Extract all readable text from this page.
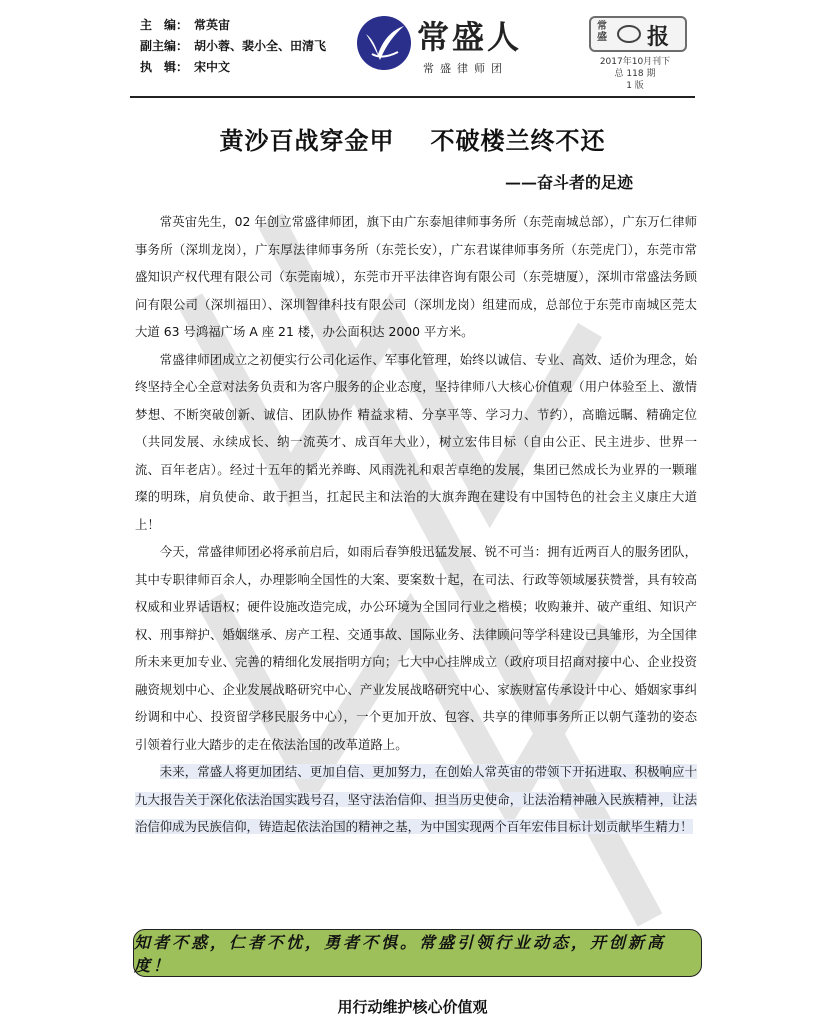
主　编： 常英宙
副主编： 胡小蓉、裴小全、田清飞
执　辑： 宋中文
常盛人
常盛律师团
常盛 报
2017年10月刊下
总 118 期
1 版
黄沙百战穿金甲 不破楼兰终不还
——奋斗者的足迹

常英宙先生，02 年创立常盛律师团，旗下由广东泰旭律师事务所（东莞南城总部），广东万仁律师事务所（深圳龙岗），广东厚法律师事务所（东莞长安），广东君谋律师事务所（东莞虎门），东莞市常盛知识产权代理有限公司（东莞南城），东莞市开平法律咨询有限公司（东莞塘厦），深圳市常盛法务顾问有限公司（深圳福田）、深圳智律科技有限公司（深圳龙岗）组建而成，总部位于东莞市南城区莞太大道 63 号鸿福广场 A 座 21 楼，办公面积达 2000 平方米。

常盛律师团成立之初便实行公司化运作、军事化管理，始终以诚信、专业、高效、适价为理念，始终坚持全心全意对法务负责和为客户服务的企业态度，坚持律师八大核心价值观（用户体验至上、激情梦想、不断突破创新、诚信、团队协作 精益求精、分享平等、学习力、节约），高瞻远瞩、精确定位（共同发展、永续成长、纳一流英才、成百年大业），树立宏伟目标（自由公正、民主进步、世界一流、百年老店）。经过十五年的韬光养晦、风雨洗礼和艰苦卓绝的发展，集团已然成长为业界的一颗璀璨的明珠，肩负使命、敢于担当，扛起民主和法治的大旗奔跑在建设有中国特色的社会主义康庄大道上！

今天，常盛律师团必将承前启后，如雨后春笋般迅猛发展、锐不可当：拥有近两百人的服务团队，其中专职律师百余人，办理影响全国性的大案、要案数十起，在司法、行政等领域屡获赞誉，具有较高权威和业界话语权；硬件设施改造完成，办公环境为全国同行业之楷模；收购兼并、破产重组、知识产权、刑事辩护、婚姻继承、房产工程、交通事故、国际业务、法律顾问等学科建设已具雏形，为全国律所未来更加专业、完善的精细化发展指明方向；七大中心挂牌成立（政府项目招商对接中心、企业投资融资规划中心、企业发展战略研究中心、产业发展战略研究中心、家族财富传承设计中心、婚姻家事纠纷调和中心、投资留学移民服务中心），一个更加开放、包容、共享的律师事务所正以朝气蓬勃的姿态引领着行业大踏步的走在依法治国的改革道路上。

未来，常盛人将更加团结、更加自信、更加努力，在创始人常英宙的带领下开拓进取、积极响应十九大报告关于深化依法治国实践号召，坚守法治信仰、担当历史使命，让法治精神融入民族精神，让法治信仰成为民族信仰，铸造起依法治国的精神之基，为中国实现两个百年宏伟目标计划贡献毕生精力！

知者不惑，仁者不忧，勇者不惧。常盛引领行业动态，开创新高度！
用行动维护核心价值观
